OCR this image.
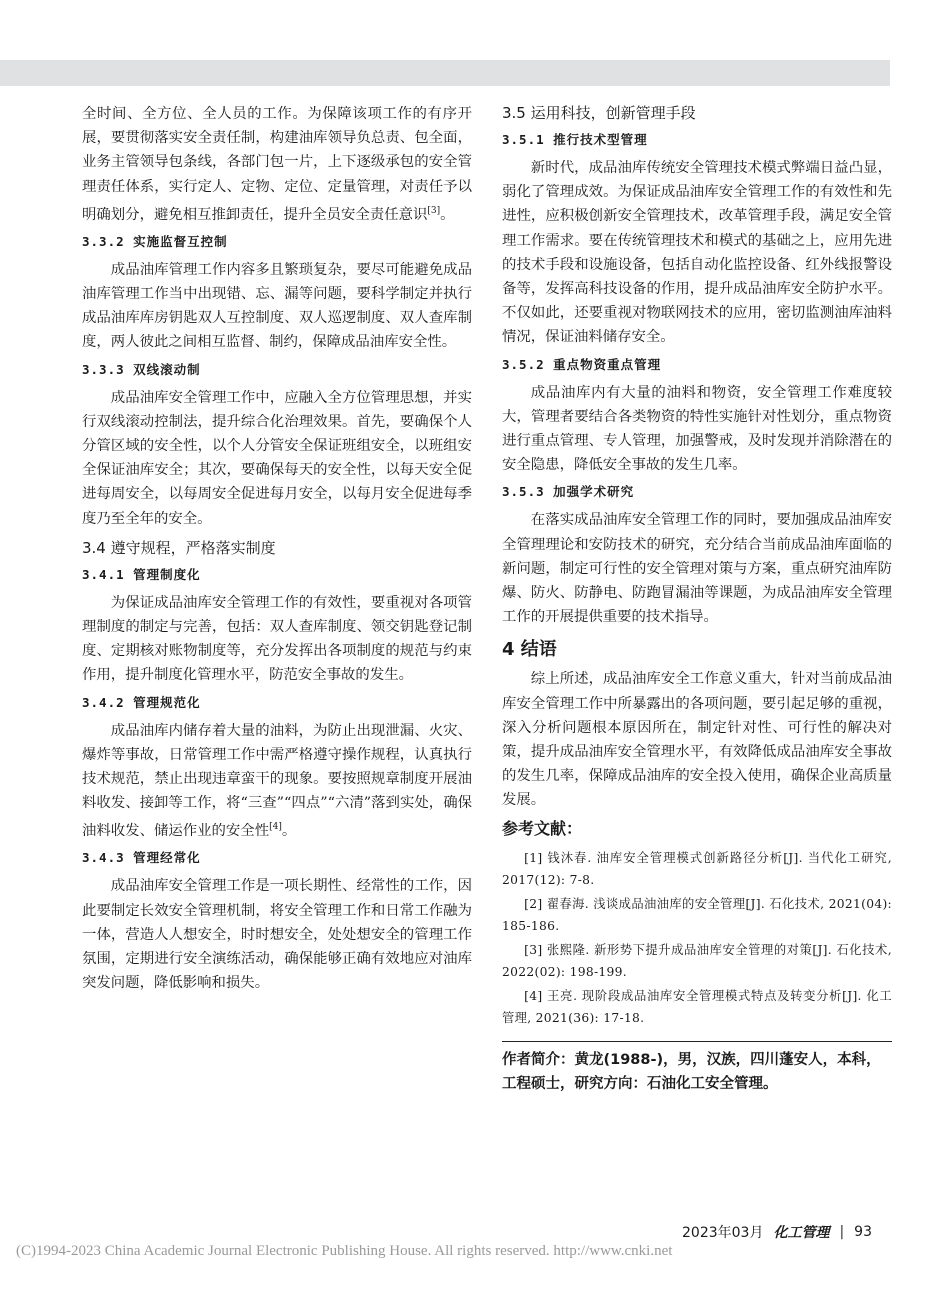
全时间、全方位、全人员的工作。为保障该项工作的有序开展，要贯彻落实安全责任制，构建油库领导负总责、包全面，业务主管领导包条线，各部门包一片，上下逐级承包的安全管理责任体系，实行定人、定物、定位、定量管理，对责任予以明确划分，避免相互推卸责任，提升全员安全责任意识[3]。

3.3.2 实施监督互控制

成品油库管理工作内容多且繁琐复杂，要尽可能避免成品油库管理工作当中出现错、忘、漏等问题，要科学制定并执行成品油库库房钥匙双人互控制度、双人巡逻制度、双人查库制度，两人彼此之间相互监督、制约，保障成品油库安全性。

3.3.3 双线滚动制

成品油库安全管理工作中，应融入全方位管理思想，并实行双线滚动控制法，提升综合化治理效果。首先，要确保个人分管区域的安全性，以个人分管安全保证班组安全，以班组安全保证油库安全；其次，要确保每天的安全性，以每天安全促进每周安全，以每周安全促进每月安全，以每月安全促进每季度乃至全年的安全。

3.4 遵守规程，严格落实制度
3.4.1 管理制度化

为保证成品油库安全管理工作的有效性，要重视对各项管理制度的制定与完善，包括：双人查库制度、领交钥匙登记制度、定期核对账物制度等，充分发挥出各项制度的规范与约束作用，提升制度化管理水平，防范安全事故的发生。

3.4.2 管理规范化

成品油库内储存着大量的油料，为防止出现泄漏、火灾、爆炸等事故，日常管理工作中需严格遵守操作规程，认真执行技术规范，禁止出现违章蛮干的现象。要按照规章制度开展油料收发、接卸等工作，将“三查”“四点”“六清”落到实处，确保油料收发、储运作业的安全性[4]。

3.4.3 管理经常化

成品油库安全管理工作是一项长期性、经常性的工作，因此要制定长效安全管理机制，将安全管理工作和日常工作融为一体，营造人人想安全，时时想安全，处处想安全的管理工作氛围，定期进行安全演练活动，确保能够正确有效地应对油库突发问题，降低影响和损失。

3.5 运用科技，创新管理手段
3.5.1 推行技术型管理

新时代，成品油库传统安全管理技术模式弊端日益凸显，弱化了管理成效。为保证成品油库安全管理工作的有效性和先进性，应积极创新安全管理技术，改革管理手段，满足安全管理工作需求。要在传统管理技术和模式的基础之上，应用先进的技术手段和设施设备，包括自动化监控设备、红外线报警设备等，发挥高科技设备的作用，提升成品油库安全防护水平。不仅如此，还要重视对物联网技术的应用，密切监测油库油料情况，保证油料储存安全。

3.5.2 重点物资重点管理

成品油库内有大量的油料和物资，安全管理工作难度较大，管理者要结合各类物资的特性实施针对性划分，重点物资进行重点管理、专人管理，加强警戒，及时发现并消除潜在的安全隐患，降低安全事故的发生几率。

3.5.3 加强学术研究

在落实成品油库安全管理工作的同时，要加强成品油库安全管理理论和安防技术的研究，充分结合当前成品油库面临的新问题，制定可行性的安全管理对策与方案，重点研究油库防爆、防火、防静电、防跑冒漏油等课题，为成品油库安全管理工作的开展提供重要的技术指导。

4 结语

综上所述，成品油库安全工作意义重大，针对当前成品油库安全管理工作中所暴露出的各项问题，要引起足够的重视，深入分析问题根本原因所在，制定针对性、可行性的解决对策，提升成品油库安全管理水平，有效降低成品油库安全事故的发生几率，保障成品油库的安全投入使用，确保企业高质量发展。

参考文献：

[1] 钱沐春. 油库安全管理模式创新路径分析[J]. 当代化工研究, 2017(12): 7-8.

[2] 翟春海. 浅谈成品油油库的安全管理[J]. 石化技术, 2021(04): 185-186.

[3] 张熙隆. 新形势下提升成品油库安全管理的对策[J]. 石化技术, 2022(02): 198-199.

[4] 王亮. 现阶段成品油库安全管理模式特点及转变分析[J]. 化工管理, 2021(36): 17-18.

作者简介：黄龙(1988-)，男，汉族，四川蓬安人，本科，工程硕士，研究方向：石油化工安全管理。

2023年03月 化工管理 | 93
(C)1994-2023 China Academic Journal Electronic Publishing House. All rights reserved. http://www.cnki.net
